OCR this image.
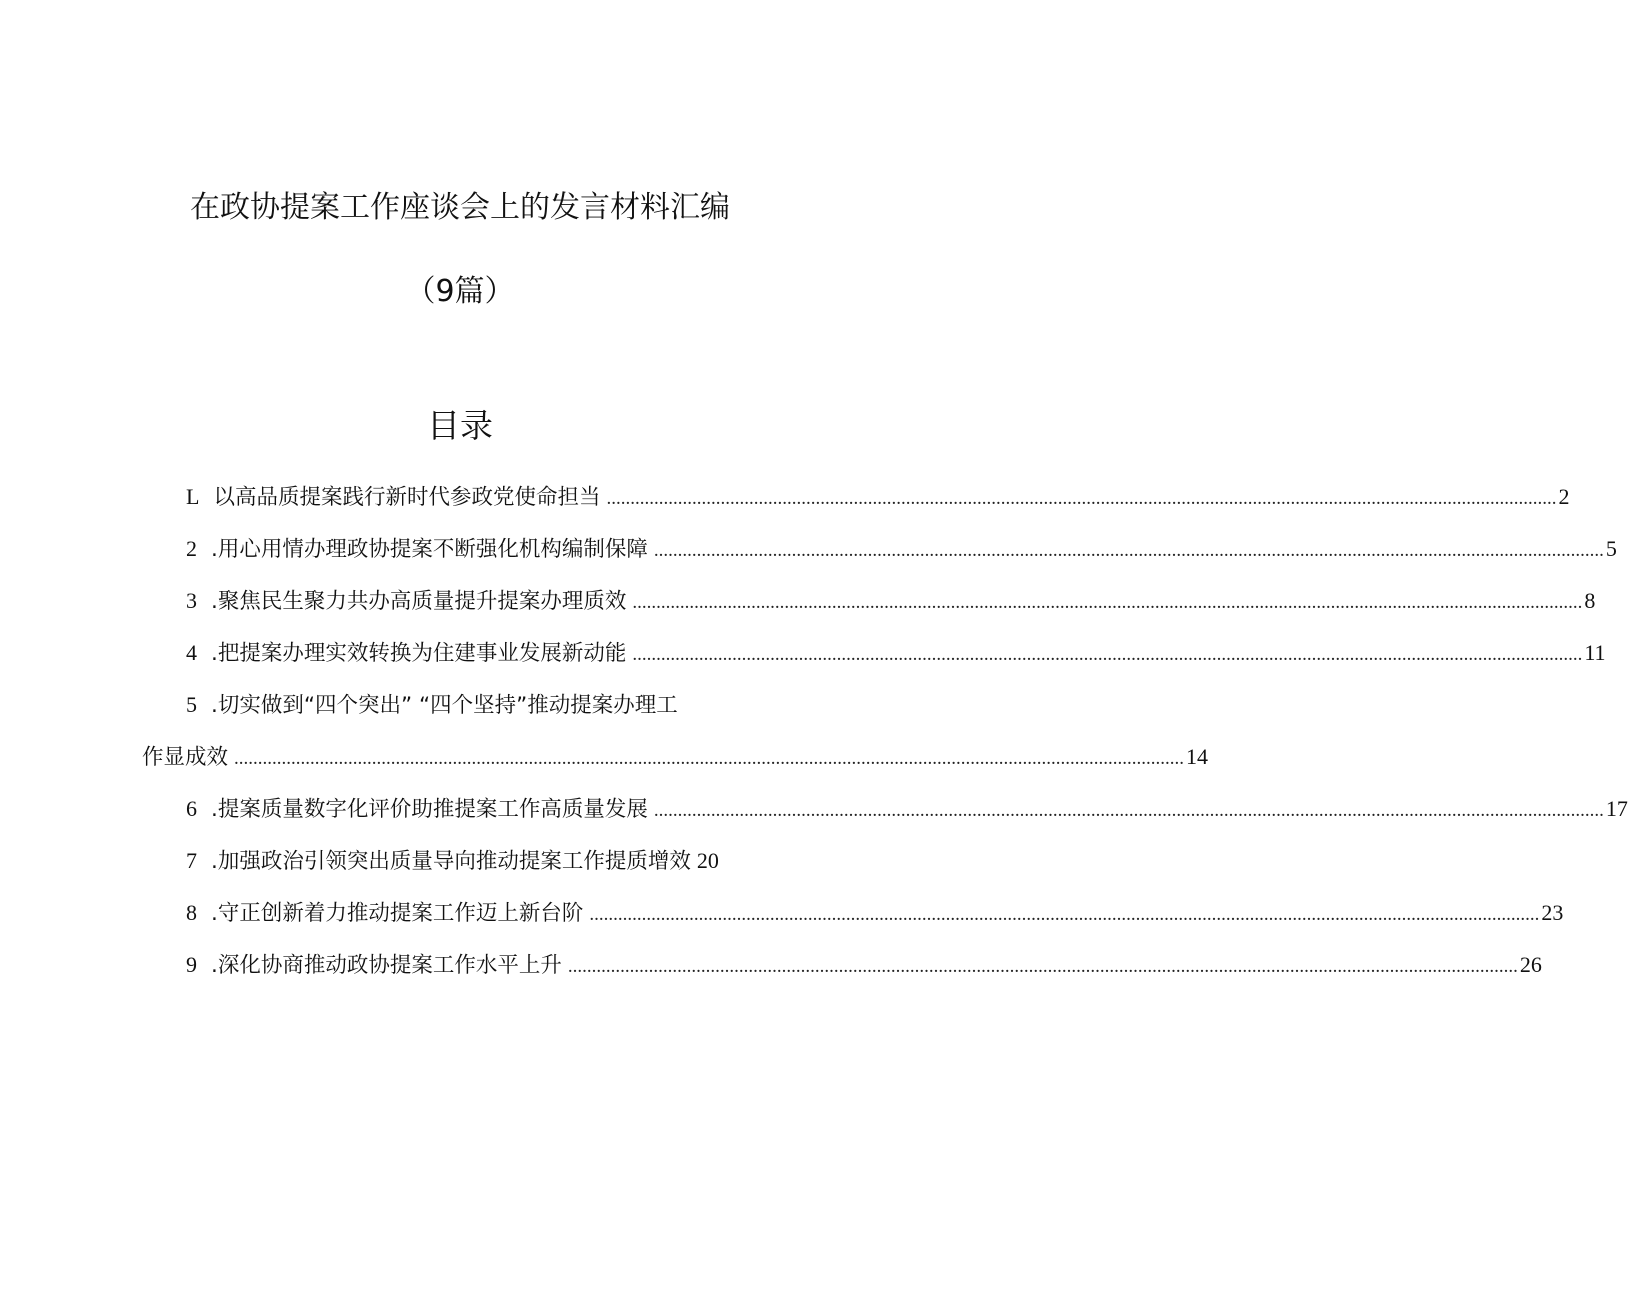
在政协提案工作座谈会上的发言材料汇编
（9篇）
目录
L 以高品质提案践行新时代参政党使命担当 ........................................................................................................................................................................................................ 2
2 .用心用情办理政协提案不断强化机构编制保障 ........................................................................................................................................................................................................ 5
3 .聚焦民生聚力共办高质量提升提案办理质效 ........................................................................................................................................................................................................ 8
4 .把提案办理实效转换为住建事业发展新动能 ........................................................................................................................................................................................................ 11
5 .切实做到“四个突出” “四个坚持”推动提案办理工
作显成效 ........................................................................................................................................................................................................ 14
6 .提案质量数字化评价助推提案工作高质量发展 ........................................................................................................................................................................................................ 17
7 .加强政治引领突出质量导向推动提案工作提质增效 20
8 .守正创新着力推动提案工作迈上新台阶 ........................................................................................................................................................................................................ 23
9 .深化协商推动政协提案工作水平上升 ........................................................................................................................................................................................................ 26
